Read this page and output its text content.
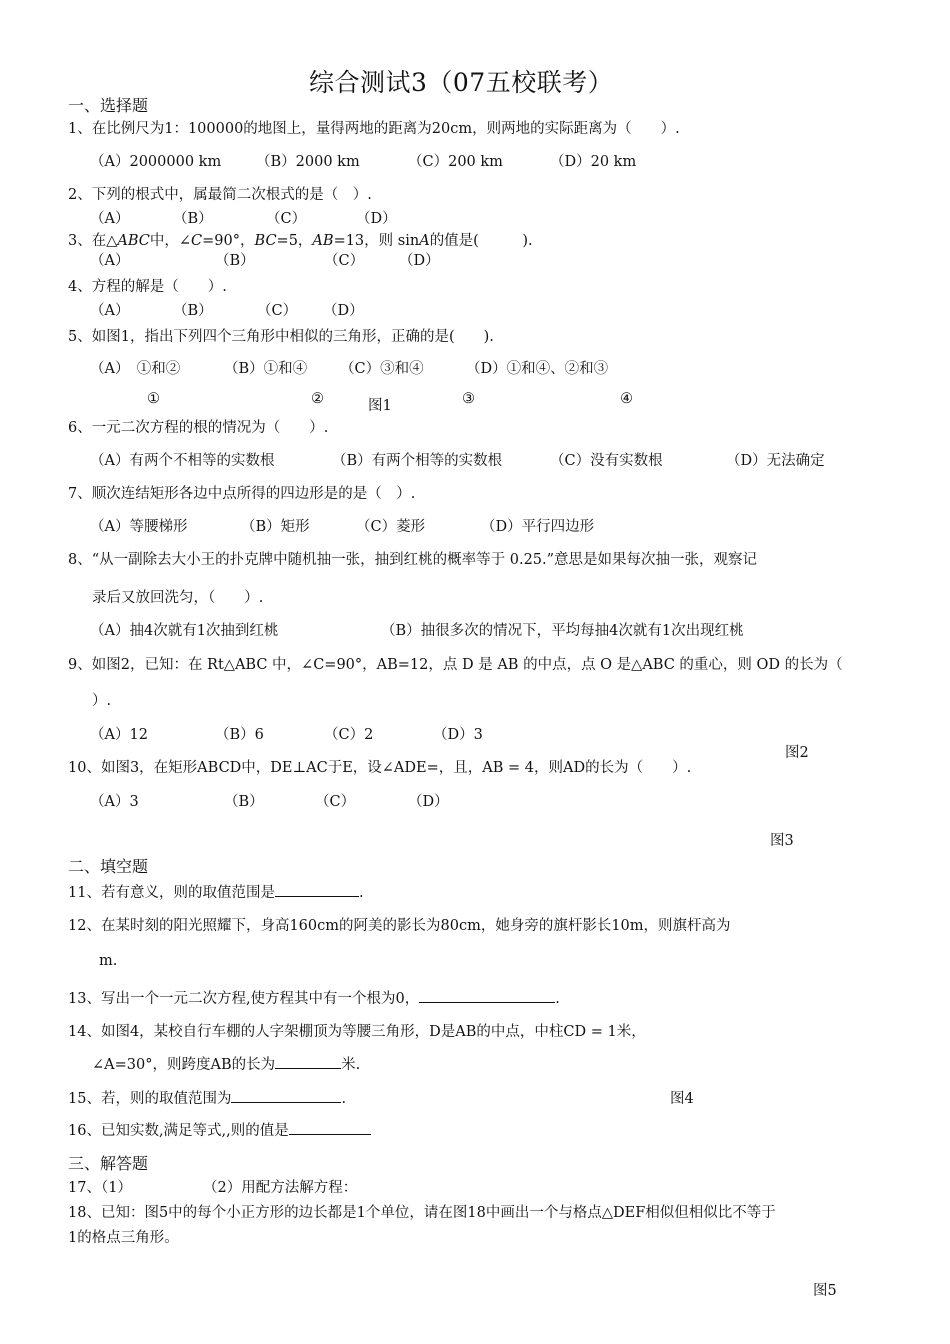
综合测试3（07五校联考）
一、选择题
1、在比例尺为1：100000的地图上，量得两地的距离为20cm，则两地的实际距离为（　　）.
（A）2000000 km （B）2000 km	（C）200 km	（D）20 km
2、下列的根式中，属最简二次根式的是（　）.
（A）	（B）	（C）	（D）
3、在△ABC中，∠C=90°，BC=5，AB=13，则 sinA的值是(　　　).
（A）	（B）	（C） （D）
4、方程的解是（　　）.
（A）	（B）	（C） （D）
5、如图1，指出下列四个三角形中相似的三角形，正确的是(　　).
（A）　①和②	（B）①和④ （C）③和④	（D）①和④、②和③
①	②	图1	③	④
6、一元二次方程的根的情况为（　　）.
（A）有两个不相等的实数根	（B）有两个相等的实数根	（C）没有实数根	（D）无法确定
7、顺次连结矩形各边中点所得的四边形是的是（　）.
（A）等腰梯形	（B）矩形	（C）菱形	（D）平行四边形
8、“从一副除去大小王的扑克牌中随机抽一张，抽到红桃的概率等于 0.25.”意思是如果每次抽一张，观察记
录后又放回洗匀，（　　）.
（A）抽4次就有1次抽到红桃	（B）抽很多次的情况下，平均每抽4次就有1次出现红桃
9、如图2，已知：在 Rt△ABC 中，∠C=90°，AB=12，点 D 是 AB 的中点，点 O 是△ABC 的重心，则 OD 的长为（
）.
（A）12	（B）6	（C）2	（D）3
图2
10、如图3，在矩形ABCD中，DE⊥AC于E，设∠ADE=，且，AB = 4，则AD的长为（　　）.
（A）3	（B）	（C）	（D）
图3
二、填空题
11、若有意义，则的取值范围是	.
12、在某时刻的阳光照耀下，身高160cm的阿美的影长为80cm，她身旁的旗杆影长10m，则旗杆高为
m.
13、写出一个一元二次方程,使方程其中有一个根为0，	.
14、如图4，某校自行车棚的人字架棚顶为等腰三角形，D是AB的中点，中柱CD = 1米，
∠A=30°，则跨度AB的长为	米.
图4
15、若，则的取值范围为	.
16、已知实数,满足等式,,则的值是
三、解答题
17、（1）	（2）用配方法解方程：
18、已知：图5中的每个小正方形的边长都是1个单位，请在图18中画出一个与格点△DEF相似但相似比不等于
1的格点三角形。
图5
